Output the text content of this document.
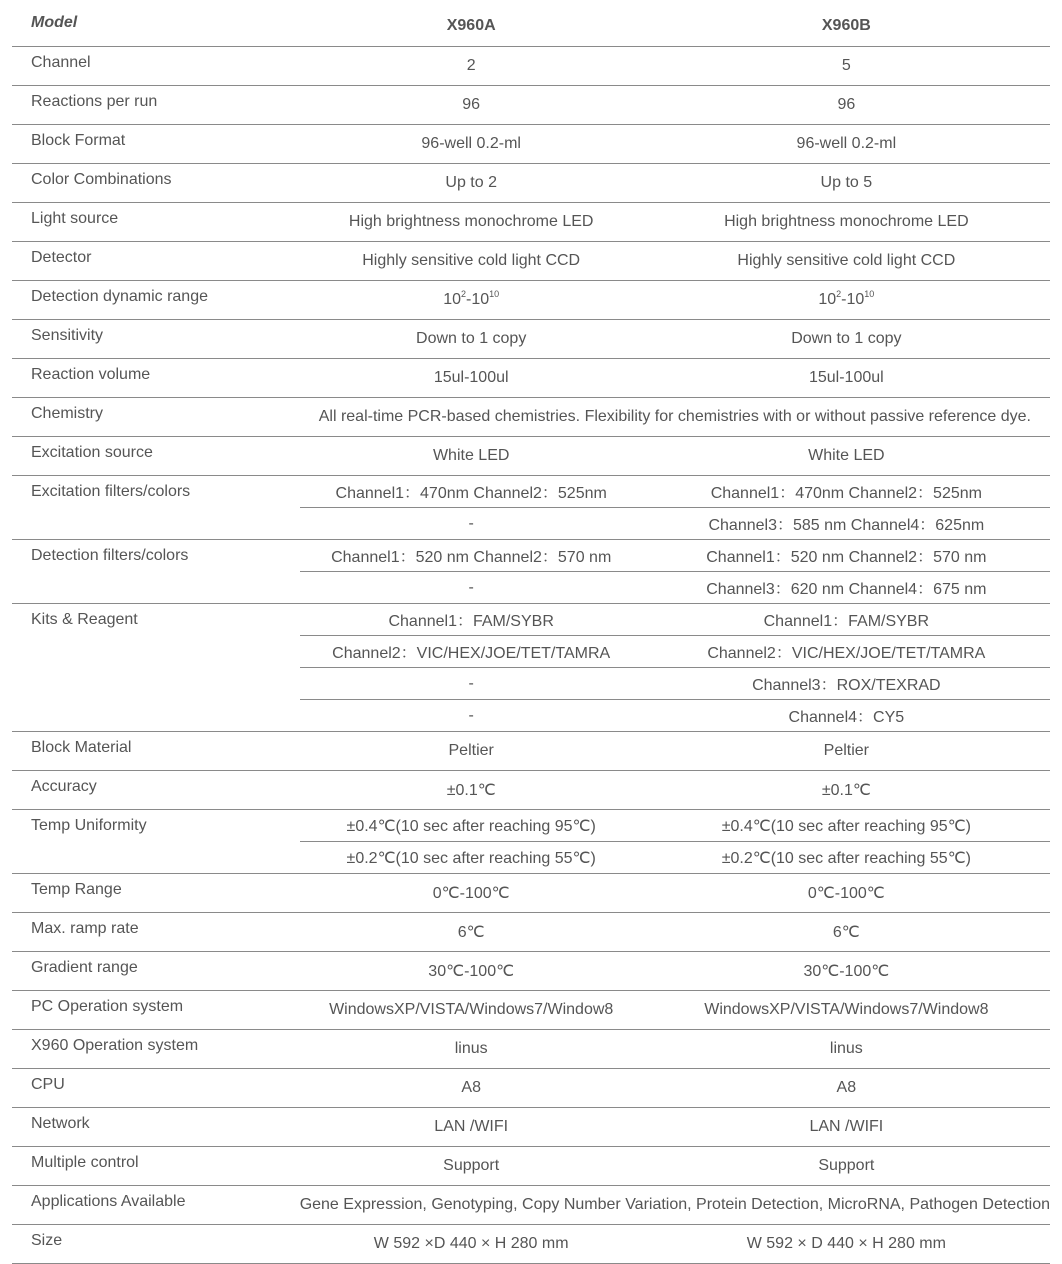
Model	X960A	X960B
Channel	2	5
Reactions per run	96	96
Block Format	96-well 0.2-ml	96-well 0.2-ml
Color Combinations	Up to 2	Up to 5
Light source	High brightness monochrome LED	High brightness monochrome LED
Detector	Highly sensitive cold light CCD	Highly sensitive cold light CCD
Detection dynamic range	$10^2-10^{10}$	$10^2-10^{10}$
Sensitivity	Down to 1 copy	Down to 1 copy
Reaction volume	15ul-100ul	15ul-100ul
Chemistry	All real-time PCR-based chemistries. Flexibility for chemistries with or without passive reference dye.	
Excitation source	White LED	White LED
Excitation filters/colors	Channel1：470nm Channel2：525nm	Channel1：470nm Channel2：525nm
	-	Channel3：585 nm Channel4：625nm
Detection filters/colors	Channel1：520 nm Channel2：570 nm	Channel1：520 nm Channel2：570 nm
	-	Channel3：620 nm Channel4：675 nm
Kits & Reagent	Channel1：FAM/SYBR	Channel1：FAM/SYBR
	Channel2：VIC/HEX/JOE/TET/TAMRA	Channel2：VIC/HEX/JOE/TET/TAMRA
	-	Channel3：ROX/TEXRAD
	-	Channel4：CY5
Block Material	Peltier	Peltier
Accuracy	±0.1℃	±0.1℃
Temp Uniformity	±0.4℃(10 sec after reaching 95℃)	±0.4℃(10 sec after reaching 95℃)
	±0.2℃(10 sec after reaching 55℃)	±0.2℃(10 sec after reaching 55℃)
Temp Range	0℃-100℃	0℃-100℃
Max. ramp rate	6℃	6℃
Gradient range	30℃-100℃	30℃-100℃
PC Operation system	WindowsXP/VISTA/Windows7/Window8	WindowsXP/VISTA/Windows7/Window8
X960 Operation system	linus	linus
CPU	A8	A8
Network	LAN /WIFI	LAN /WIFI
Multiple control	Support	Support
Applications Available	Gene Expression, Genotyping, Copy Number Variation, Protein Detection, MicroRNA, Pathogen Detection	
Size	W 592 ×D 440 × H 280 mm	W 592 × D 440 × H 280 mm
